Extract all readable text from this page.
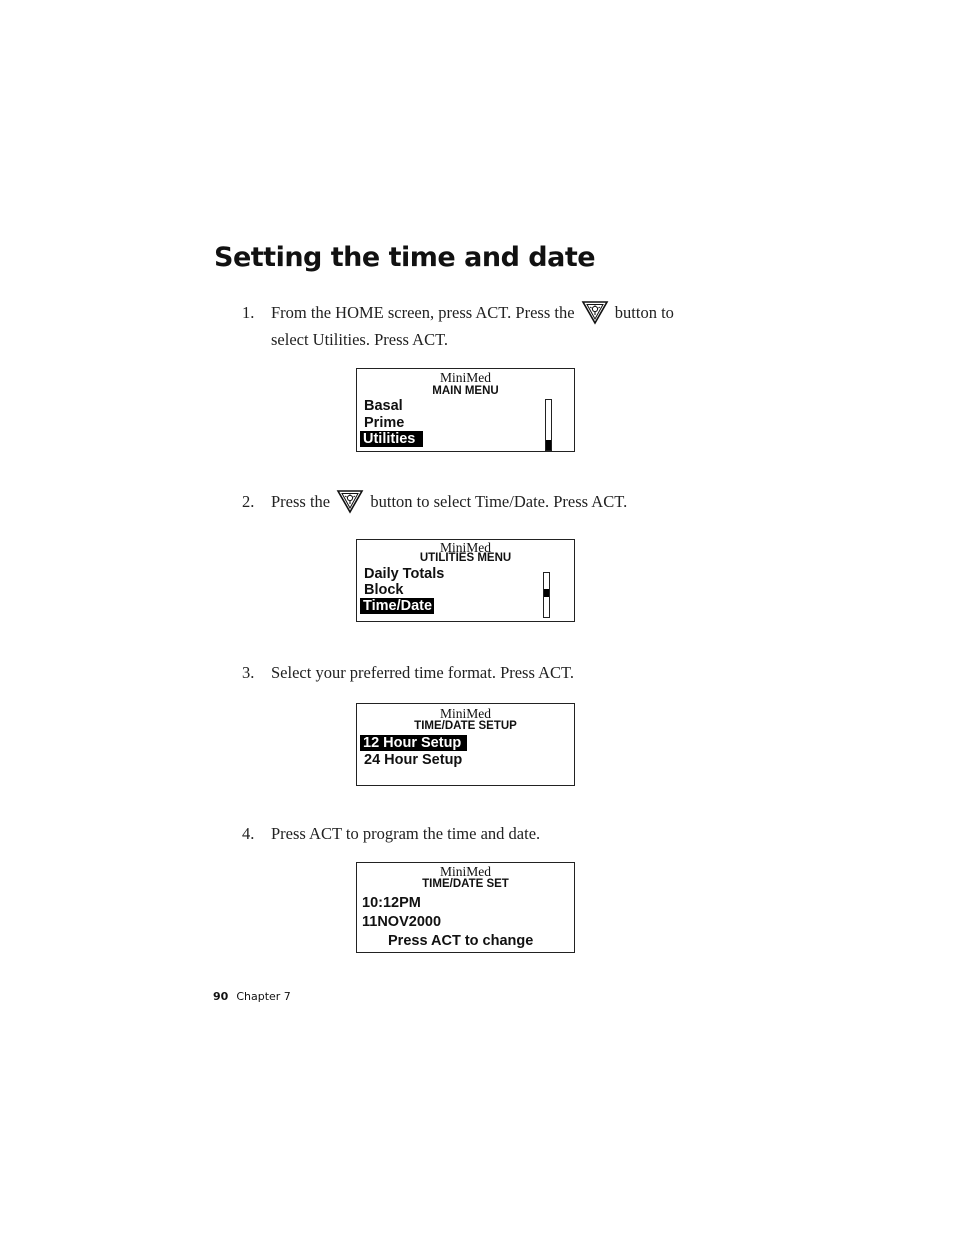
Setting the time and date
1. From the HOME screen, press ACT. Press the button to select Utilities. Press ACT.
MiniMed
MAIN MENU
Basal
Prime
Utilities
2. Press the button to select Time/Date. Press ACT.
MiniMed
UTILITIES MENU
Daily Totals
Block
Time/Date
3. Select your preferred time format. Press ACT.
MiniMed
TIME/DATE SETUP
12 Hour Setup
24 Hour Setup
4. Press ACT to program the time and date.
MiniMed
TIME/DATE SET
10:12PM
11NOV2000
Press ACT to change
90 Chapter 7
